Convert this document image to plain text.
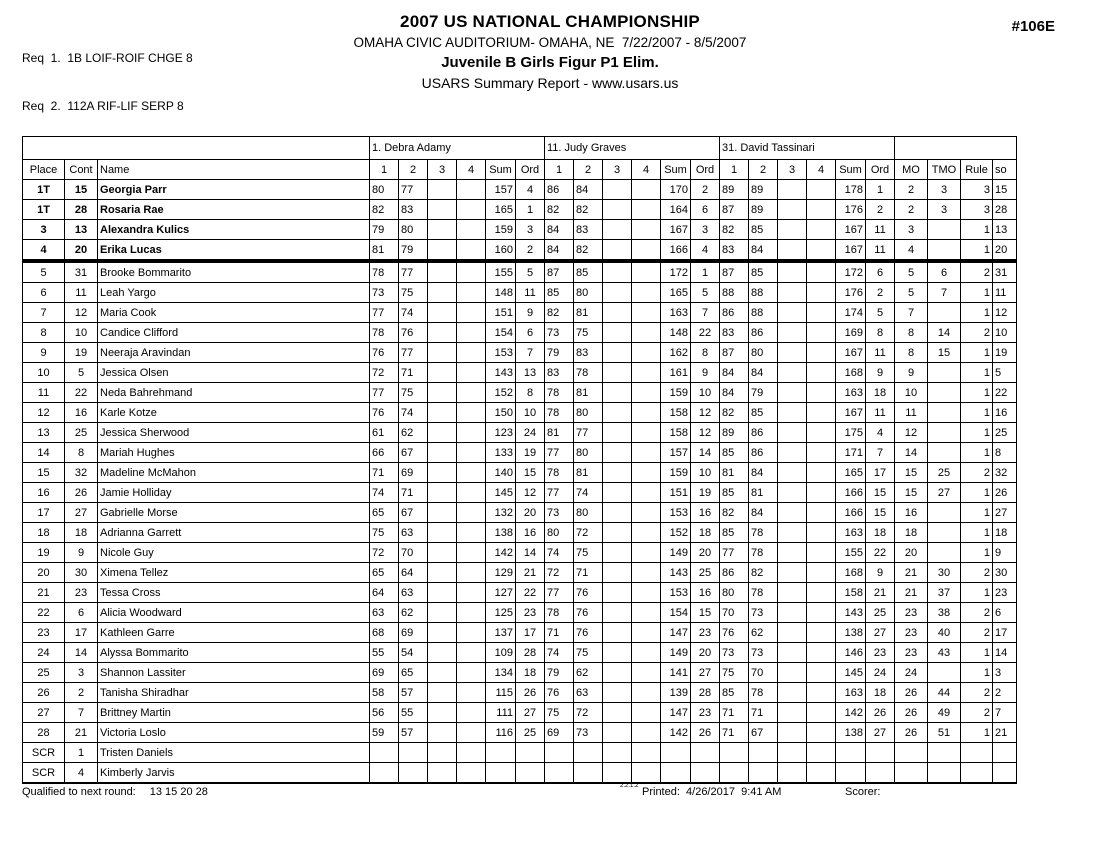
Req  1.  1B LOIF-ROIF CHGE 8

Req  2.  112A RIF-LIF SERP 8

2007 US NATIONAL CHAMPIONSHIP
OMAHA CIVIC AUDITORIUM- OMAHA, NE  7/22/2007 - 8/5/2007
Juvenile B Girls Figur P1 Elim.
USARS Summary Report - www.usars.us
#106E
			1. Debra Adamy						11. Judy Graves						31. David Tassinari									
Place	Cont	Name	1	2	3	4	Sum	Ord	1	2	3	4	Sum	Ord	1	2	3	4	Sum	Ord	MO	TMO	Rule	so
1T	15	Georgia Parr	80	77			157	4	86	84			170	2	89	89			178	1	2	3	3	15
1T	28	Rosaria Rae	82	83			165	1	82	82			164	6	87	89			176	2	2	3	3	28
3	13	Alexandra Kulics	79	80			159	3	84	83			167	3	82	85			167	11	3		1	13
4	20	Erika Lucas	81	79			160	2	84	82			166	4	83	84			167	11	4		1	20
5	31	Brooke Bommarito	78	77			155	5	87	85			172	1	87	85			172	6	5	6	2	31
6	11	Leah Yargo	73	75			148	11	85	80			165	5	88	88			176	2	5	7	1	11
7	12	Maria Cook	77	74			151	9	82	81			163	7	86	88			174	5	7		1	12
8	10	Candice Clifford	78	76			154	6	73	75			148	22	83	86			169	8	8	14	2	10
9	19	Neeraja Aravindan	76	77			153	7	79	83			162	8	87	80			167	11	8	15	1	19
10	5	Jessica Olsen	72	71			143	13	83	78			161	9	84	84			168	9	9		1	5
11	22	Neda Bahrehmand	77	75			152	8	78	81			159	10	84	79			163	18	10		1	22
12	16	Karle Kotze	76	74			150	10	78	80			158	12	82	85			167	11	11		1	16
13	25	Jessica Sherwood	61	62			123	24	81	77			158	12	89	86			175	4	12		1	25
14	8	Mariah Hughes	66	67			133	19	77	80			157	14	85	86			171	7	14		1	8
15	32	Madeline McMahon	71	69			140	15	78	81			159	10	81	84			165	17	15	25	2	32
16	26	Jamie Holliday	74	71			145	12	77	74			151	19	85	81			166	15	15	27	1	26
17	27	Gabrielle Morse	65	67			132	20	73	80			153	16	82	84			166	15	16		1	27
18	18	Adrianna Garrett	75	63			138	16	80	72			152	18	85	78			163	18	18		1	18
19	9	Nicole Guy	72	70			142	14	74	75			149	20	77	78			155	22	20		1	9
20	30	Ximena Tellez	65	64			129	21	72	71			143	25	86	82			168	9	21	30	2	30
21	23	Tessa Cross	64	63			127	22	77	76			153	16	80	78			158	21	21	37	1	23
22	6	Alicia Woodward	63	62			125	23	78	76			154	15	70	73			143	25	23	38	2	6
23	17	Kathleen Garre	68	69			137	17	71	76			147	23	76	62			138	27	23	40	2	17
24	14	Alyssa Bommarito	55	54			109	28	74	75			149	20	73	73			146	23	23	43	1	14
25	3	Shannon Lassiter	69	65			134	18	79	62			141	27	75	70			145	24	24		1	3
26	2	Tanisha Shiradhar	58	57			115	26	76	63			139	28	85	78			163	18	26	44	2	2
27	7	Brittney Martin	56	55			111	27	75	72			147	23	71	71			142	26	26	49	2	7
28	21	Victoria Loslo	59	57			116	25	69	73			142	26	71	67			138	27	26	51	1	21
SCR	1	Tristen Daniels																						
SCR	4	Kimberly Jarvis																						
Qualified to next round: 13 15 20 28	2.2.1.2 Printed:  4/26/2017  9:41 AM	Scorer:
